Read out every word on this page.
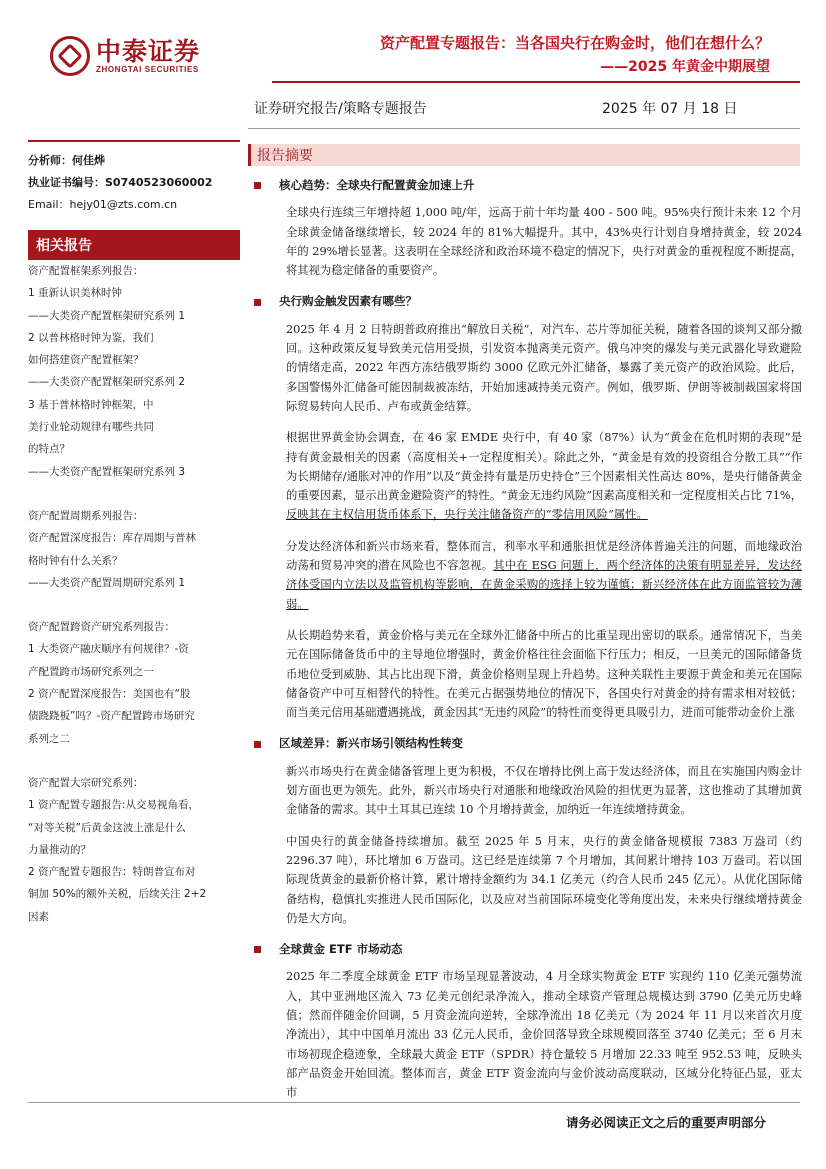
中泰证券
ZHONGTAI SECURITIES
资产配置专题报告：当各国央行在购金时，他们在想什么？
——2025 年黄金中期展望
证券研究报告/策略专题报告	2025 年 07 月 18 日
分析师：何佳烨
执业证书编号：S0740523060002
Email：hejy01@zts.com.cn
相关报告
资产配置框架系列报告：
1 重新认识美林时钟
——大类资产配置框架研究系列 1
2 以普林格时钟为鉴，我们
如何搭建资产配置框架？
——大类资产配置框架研究系列 2
3 基于普林格时钟框架，中
美行业轮动规律有哪些共同
的特点？
——大类资产配置框架研究系列 3
资产配置周期系列报告：
资产配置深度报告：库存周期与普林
格时钟有什么关系？
——大类资产配置周期研究系列 1
资产配置跨资产研究系列报告：
1 大类资产融庆顺序有何规律？-资
产配置跨市场研究系列之一
2 资产配置深度报告：美国也有“股
债跷跷板”吗？-资产配置跨市场研究
系列之二
资产配置大宗研究系列：
1 资产配置专题报告:从交易视角看，
“对等关税”后黄金这波上涨是什么
力量推动的？
2 资产配置专题报告：特朗普宣布对
铜加 50%的额外关税，后续关注 2+2
因素
报告摘要
核心趋势：全球央行配置黄金加速上升
全球央行连续三年增持超 1,000 吨/年，远高于前十年均量 400 - 500 吨。95%央行预计未来 12 个月全球黄金储备继续增长，较 2024 年的 81%大幅提升。其中，43%央行计划自身增持黄金，较 2024 年的 29%增长显著。这表明在全球经济和政治环境不稳定的情况下，央行对黄金的重视程度不断提高，将其视为稳定储备的重要资产。
央行购金触发因素有哪些？
2025 年 4 月 2 日特朗普政府推出“解放日关税”，对汽车、芯片等加征关税，随着各国的谈判又部分撤回。这种政策反复导致美元信用受损，引发资本抛离美元资产。俄乌冲突的爆发与美元武器化导致避险的情绪走高，2022 年西方冻结俄罗斯约 3000 亿欧元外汇储备，暴露了美元资产的政治风险。此后，多国警惕外汇储备可能因制裁被冻结，开始加速减持美元资产。例如，俄罗斯、伊朗等被制裁国家将国际贸易转向人民币、卢布或黄金结算。
根据世界黄金协会调查，在 46 家 EMDE 央行中，有 40 家（87%）认为“黄金在危机时期的表现”是持有黄金最相关的因素（高度相关+一定程度相关）。除此之外，“黄金是有效的投资组合分散工具”“作为长期储存/通胀对冲的作用”以及“黄金持有量是历史持仓”三个因素相关性高达 80%，是央行储备黄金的重要因素，显示出黄金避险资产的特性。“黄金无违约风险”因素高度相关和一定程度相关占比 71%，反映其在主权信用货币体系下，央行关注储备资产的“零信用风险”属性。
分发达经济体和新兴市场来看，整体而言，利率水平和通胀担忧是经济体普遍关注的问题，而地缘政治动荡和贸易冲突的潜在风险也不容忽视。其中在 ESG 问题上，两个经济体的决策有明显差异，发达经济体受国内立法以及监管机构等影响，在黄金采购的选择上较为谨慎；新兴经济体在此方面监管较为薄弱。
从长期趋势来看，黄金价格与美元在全球外汇储备中所占的比重呈现出密切的联系。通常情况下，当美元在国际储备货币中的主导地位增强时，黄金价格往往会面临下行压力；相反，一旦美元的国际储备货币地位受到威胁、其占比出现下滑，黄金价格则呈现上升趋势。这种关联性主要源于黄金和美元在国际储备资产中可互相替代的特性。在美元占据强势地位的情况下，各国央行对黄金的持有需求相对较低；而当美元信用基础遭遇挑战，黄金因其“无违约风险”的特性而变得更具吸引力，进而可能带动金价上涨
区域差异：新兴市场引领结构性转变
新兴市场央行在黄金储备管理上更为积极，不仅在增持比例上高于发达经济体，而且在实施国内购金计划方面也更为领先。此外，新兴市场央行对通胀和地缘政治风险的担忧更为显著，这也推动了其增加黄金储备的需求。其中土耳其已连续 10 个月增持黄金，加纳近一年连续增持黄金。
中国央行的黄金储备持续增加。截至 2025 年 5 月末，央行的黄金储备规模报 7383 万盎司（约 2296.37 吨），环比增加 6 万盎司。这已经是连续第 7 个月增加，其间累计增持 103 万盎司。若以国际现货黄金的最新价格计算，累计增持金额约为 34.1 亿美元（约合人民币 245 亿元）。从优化国际储备结构，稳慎扎实推进人民币国际化，以及应对当前国际环境变化等角度出发，未来央行继续增持黄金仍是大方向。
全球黄金 ETF 市场动态
2025 年二季度全球黄金 ETF 市场呈现显著波动，4 月全球实物黄金 ETF 实现约 110 亿美元强势流入，其中亚洲地区流入 73 亿美元创纪录净流入，推动全球资产管理总规模达到 3790 亿美元历史峰值；然而伴随金价回调，5 月资金流向逆转，全球净流出 18 亿美元（为 2024 年 11 月以来首次月度净流出），其中中国单月流出 33 亿元人民币，金价回落导致全球规模回落至 3740 亿美元；至 6 月末市场初现企稳迹象，全球最大黄金 ETF（SPDR）持仓量较 5 月增加 22.33 吨至 952.53 吨，反映头部产品资金开始回流。整体而言，黄金 ETF 资金流向与金价波动高度联动，区域分化特征凸显，亚太市
请务必阅读正文之后的重要声明部分
